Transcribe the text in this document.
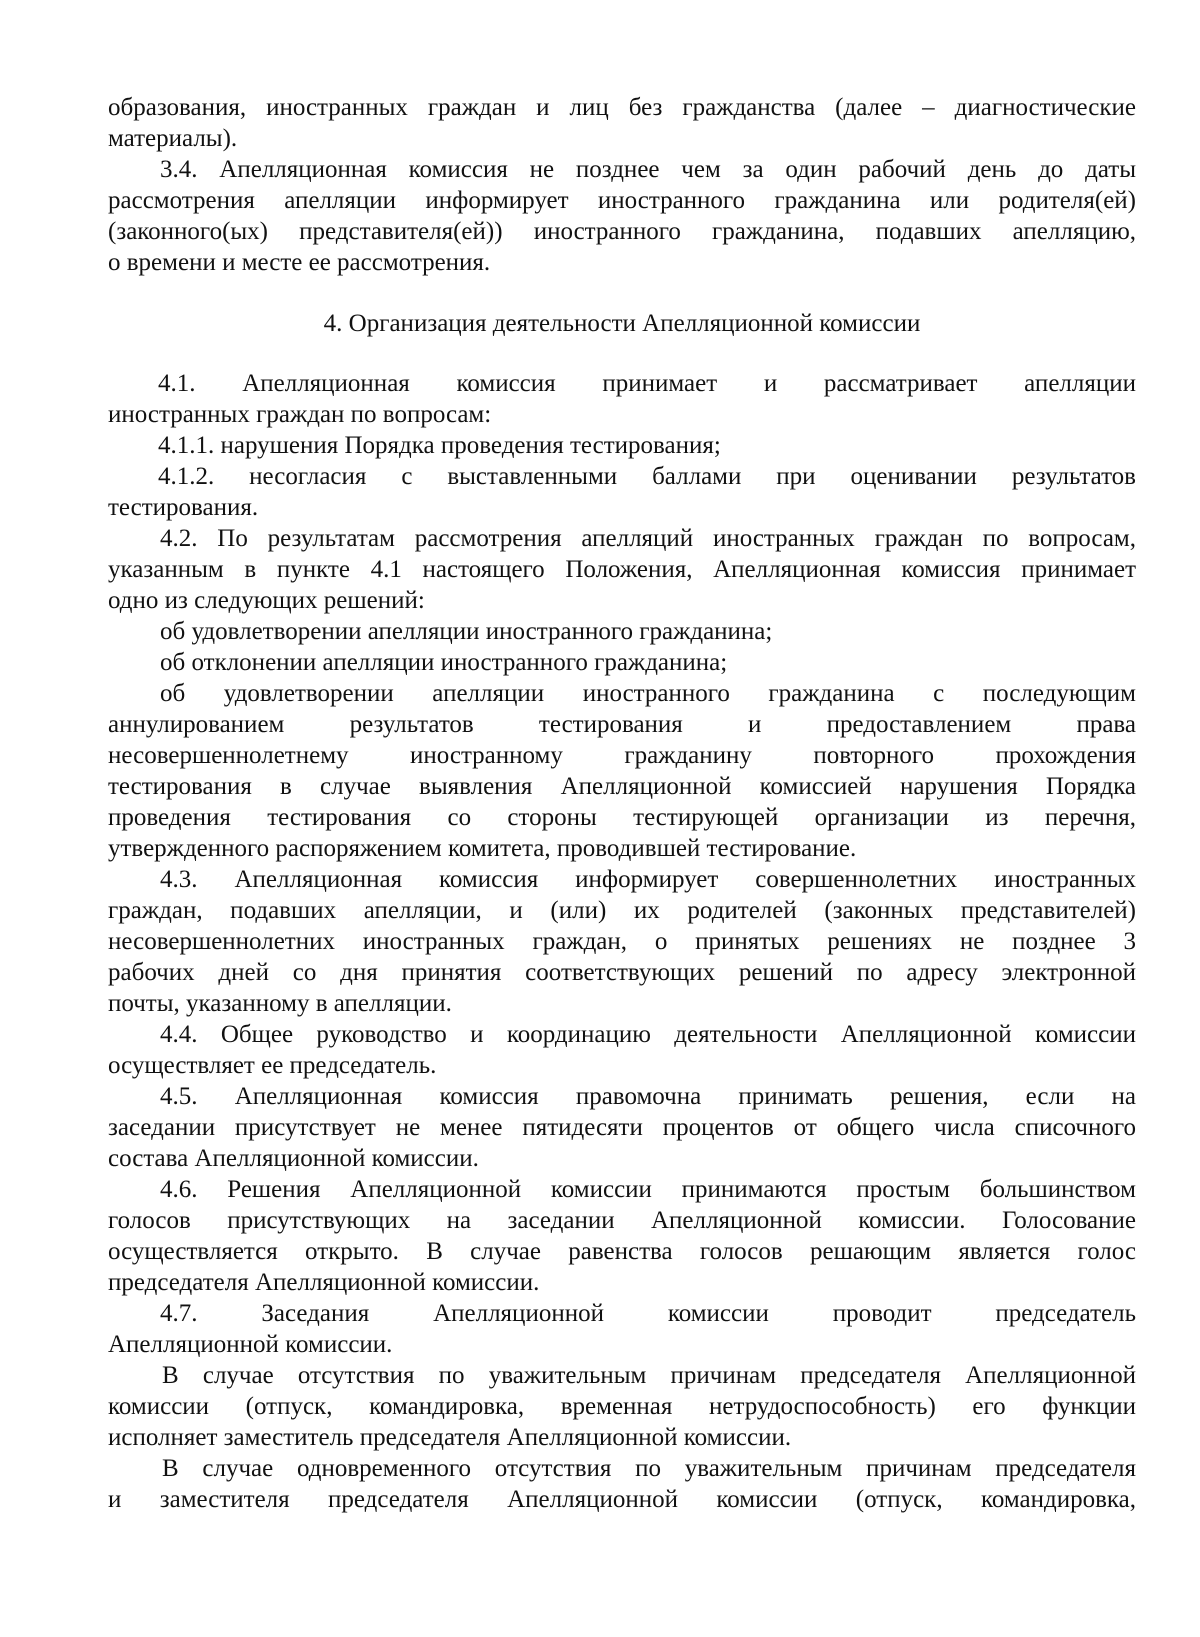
образования, иностранных граждан и лиц без гражданства (далее – диагностические
материалы).
3.4. Апелляционная комиссия не позднее чем за один рабочий день до даты
рассмотрения апелляции информирует иностранного гражданина или родителя(ей)
(законного(ых) представителя(ей)) иностранного гражданина, подавших апелляцию,
о времени и месте ее рассмотрения.
4. Организация деятельности Апелляционной комиссии
4.1. Апелляционная комиссия принимает и рассматривает апелляции
иностранных граждан по вопросам:
4.1.1. нарушения Порядка проведения тестирования;
4.1.2. несогласия с выставленными баллами при оценивании результатов
тестирования.
4.2. По результатам рассмотрения апелляций иностранных граждан по вопросам,
указанным в пункте 4.1 настоящего Положения, Апелляционная комиссия принимает
одно из следующих решений:
об удовлетворении апелляции иностранного гражданина;
об отклонении апелляции иностранного гражданина;
об удовлетворении апелляции иностранного гражданина с последующим
аннулированием результатов тестирования и предоставлением права
несовершеннолетнему иностранному гражданину повторного прохождения
тестирования в случае выявления Апелляционной комиссией нарушения Порядка
проведения тестирования со стороны тестирующей организации из перечня,
утвержденного распоряжением комитета, проводившей тестирование.
4.3. Апелляционная комиссия информирует совершеннолетних иностранных
граждан, подавших апелляции, и (или) их родителей (законных представителей)
несовершеннолетних иностранных граждан, о принятых решениях не позднее 3
рабочих дней со дня принятия соответствующих решений по адресу электронной
почты, указанному в апелляции.
4.4. Общее руководство и координацию деятельности Апелляционной комиссии
осуществляет ее председатель.
4.5. Апелляционная комиссия правомочна принимать решения, если на
заседании присутствует не менее пятидесяти процентов от общего числа списочного
состава Апелляционной комиссии.
4.6. Решения Апелляционной комиссии принимаются простым большинством
голосов присутствующих на заседании Апелляционной комиссии. Голосование
осуществляется открыто. В случае равенства голосов решающим является голос
председателя Апелляционной комиссии.
4.7. Заседания Апелляционной комиссии проводит председатель
Апелляционной комиссии.
В случае отсутствия по уважительным причинам председателя Апелляционной
комиссии (отпуск, командировка, временная нетрудоспособность) его функции
исполняет заместитель председателя Апелляционной комиссии.
В случае одновременного отсутствия по уважительным причинам председателя
и заместителя председателя Апелляционной комиссии (отпуск, командировка,
